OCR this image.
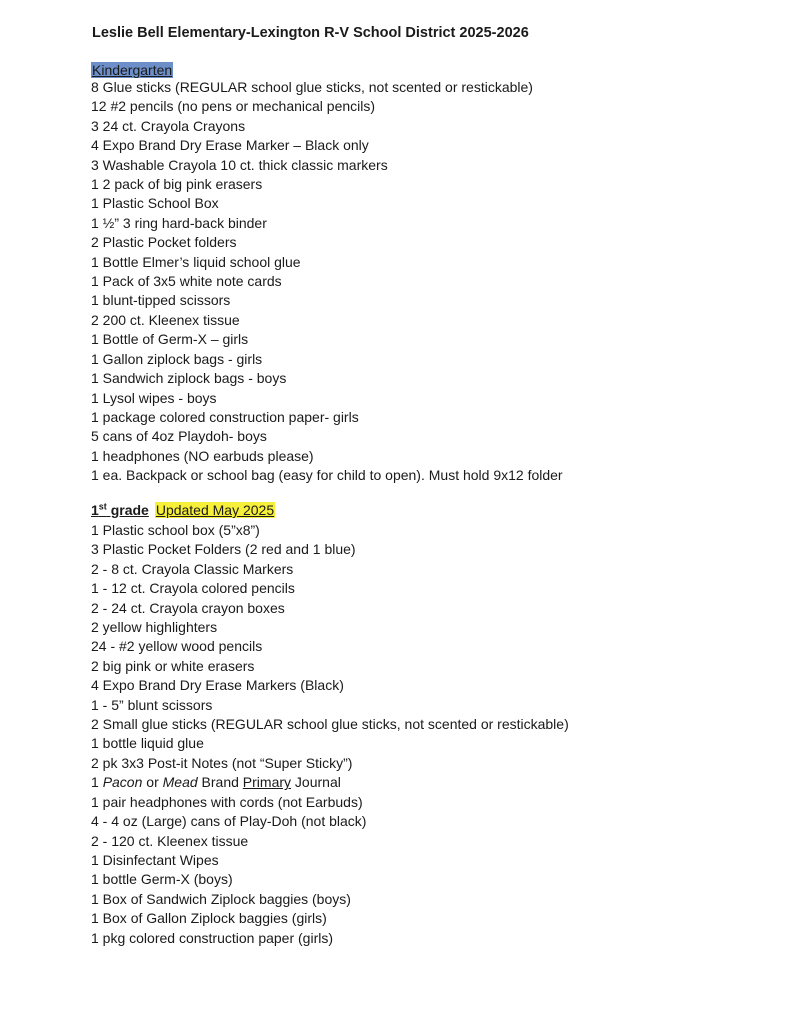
Leslie Bell Elementary-Lexington R-V School District 2025-2026
Kindergarten
8 Glue sticks (REGULAR school glue sticks, not scented or restickable)
12 #2 pencils (no pens or mechanical pencils)
3 24 ct. Crayola Crayons
4 Expo Brand Dry Erase Marker – Black only
3 Washable Crayola 10 ct. thick classic markers
1 2 pack of big pink erasers
1 Plastic School Box
1 ½” 3 ring hard-back binder
2 Plastic Pocket folders
1 Bottle Elmer’s liquid school glue
1 Pack of 3x5 white note cards
1 blunt-tipped scissors
2 200 ct. Kleenex tissue
1 Bottle of Germ-X – girls
1 Gallon ziplock bags - girls
1 Sandwich ziplock bags - boys
1 Lysol wipes - boys
1 package colored construction paper- girls
5 cans of 4oz Playdoh- boys
1 headphones (NO earbuds please)
1 ea. Backpack or school bag (easy for child to open). Must hold 9x12 folder
1st grade Updated May 2025
1 Plastic school box (5”x8”)
3 Plastic Pocket Folders (2 red and 1 blue)
2 - 8 ct. Crayola Classic Markers
1 - 12 ct. Crayola colored pencils
2 - 24 ct. Crayola crayon boxes
2 yellow highlighters
24 - #2 yellow wood pencils
2 big pink or white erasers
4 Expo Brand Dry Erase Markers (Black)
1 - 5” blunt scissors
2 Small glue sticks (REGULAR school glue sticks, not scented or restickable)
1 bottle liquid glue
2 pk 3x3 Post-it Notes (not “Super Sticky”)
1 Pacon or Mead Brand Primary Journal
1 pair headphones with cords (not Earbuds)
4 - 4 oz (Large) cans of Play-Doh (not black)
2 - 120 ct. Kleenex tissue
1 Disinfectant Wipes
1 bottle Germ-X (boys)
1 Box of Sandwich Ziplock baggies (boys)
1 Box of Gallon Ziplock baggies (girls)
1 pkg colored construction paper (girls)
